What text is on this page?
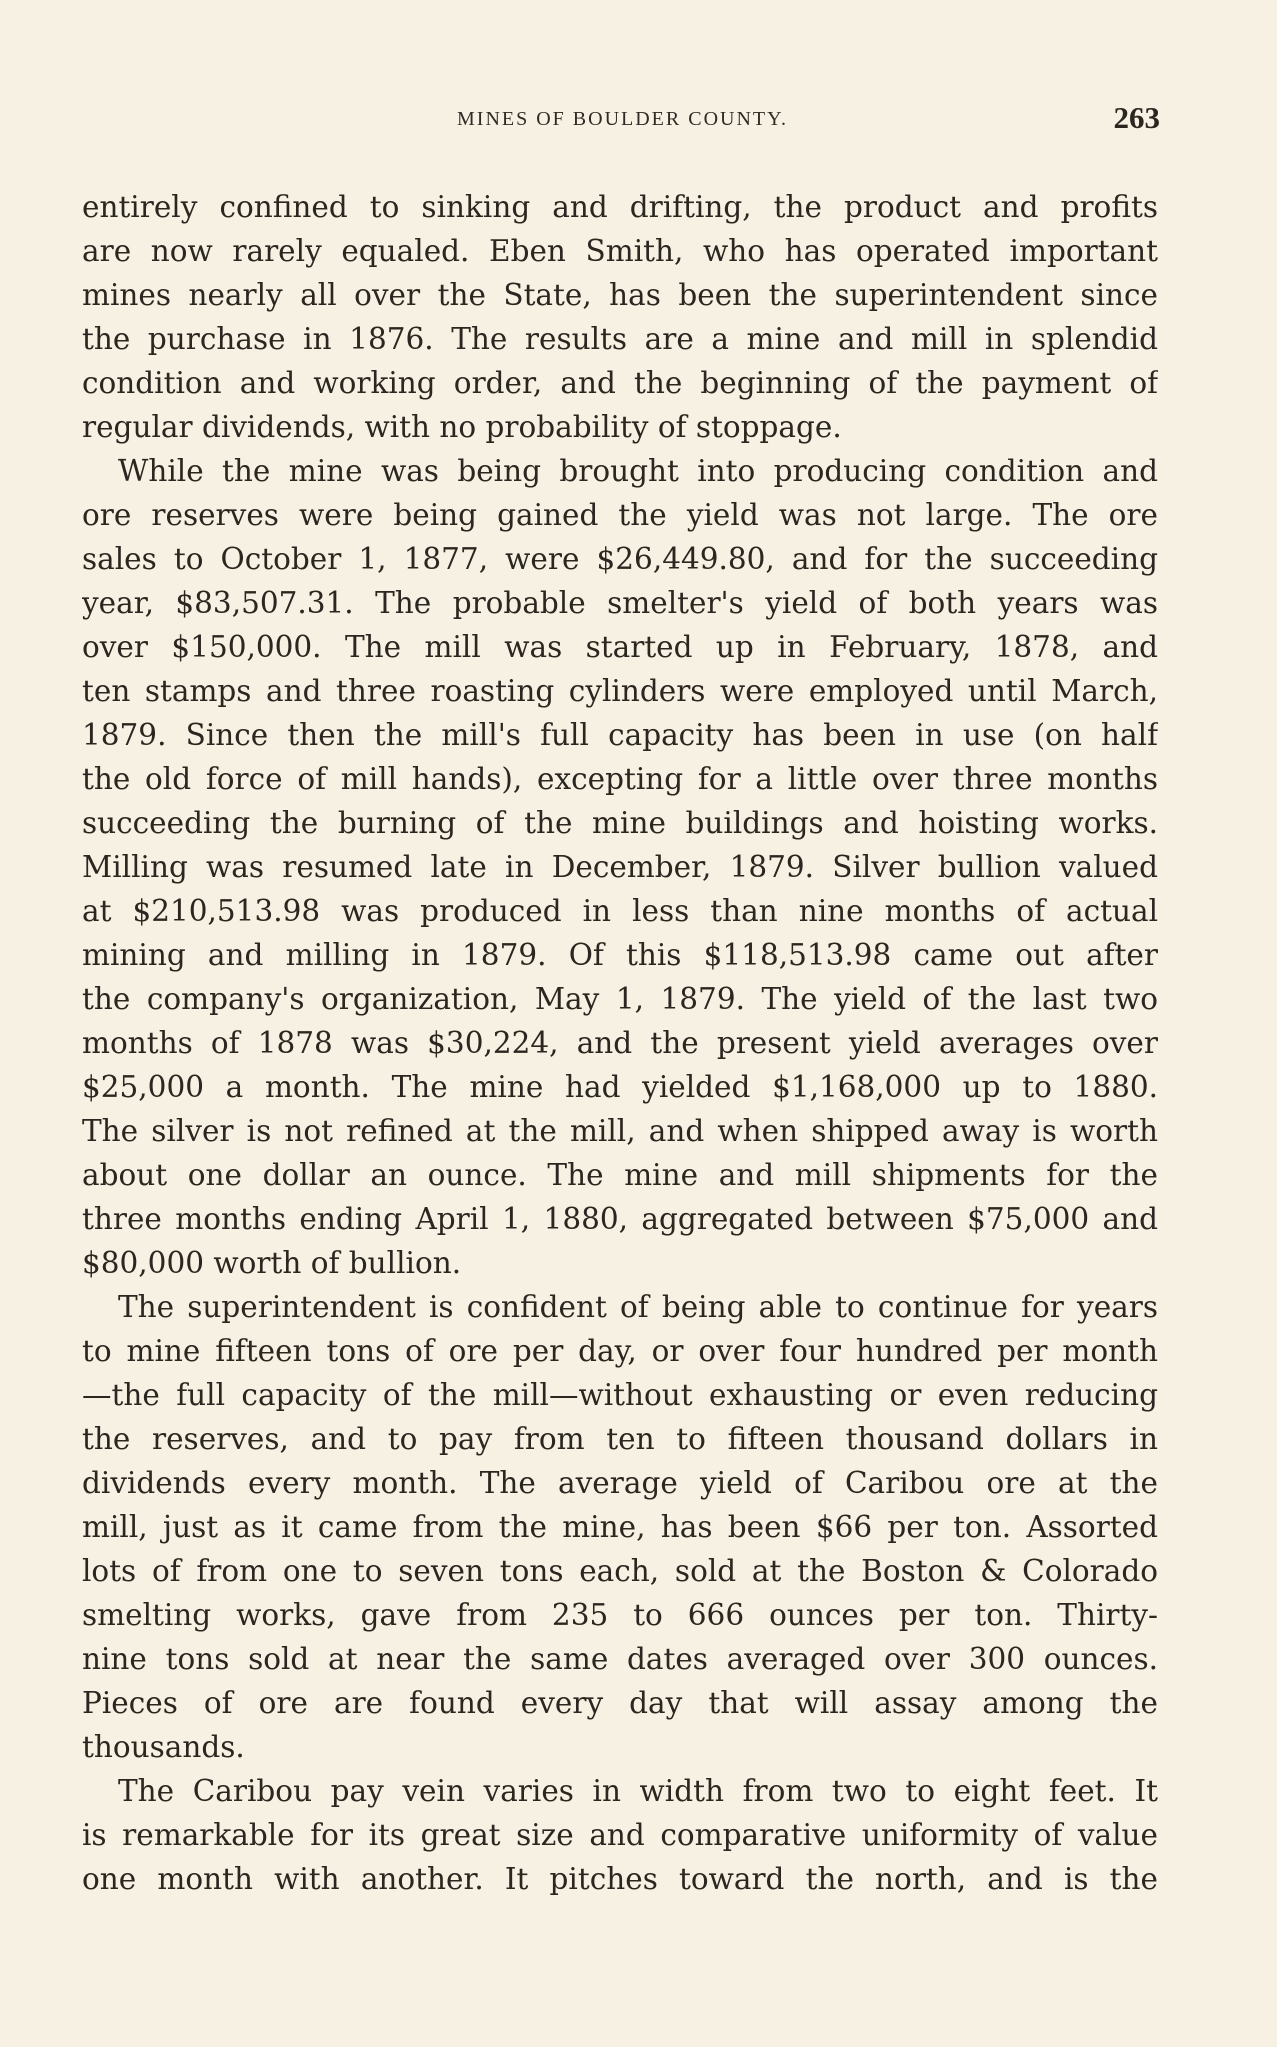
MINES OF BOULDER COUNTY.	263
entirely confined to sinking and drifting, the product and profits
are now rarely equaled. Eben Smith, who has operated important
mines nearly all over the State, has been the superintendent since
the purchase in 1876. The results are a mine and mill in splendid
condition and working order, and the beginning of the payment of
regular dividends, with no probability of stoppage.
While the mine was being brought into producing condition and
ore reserves were being gained the yield was not large. The ore
sales to October 1, 1877, were $26,449.80, and for the succeeding
year, $83,507.31. The probable smelter's yield of both years was
over $150,000. The mill was started up in February, 1878, and
ten stamps and three roasting cylinders were employed until March,
1879. Since then the mill's full capacity has been in use (on half
the old force of mill hands), excepting for a little over three months
succeeding the burning of the mine buildings and hoisting works.
Milling was resumed late in December, 1879. Silver bullion valued
at $210,513.98 was produced in less than nine months of actual
mining and milling in 1879. Of this $118,513.98 came out after
the company's organization, May 1, 1879. The yield of the last two
months of 1878 was $30,224, and the present yield averages over
$25,000 a month. The mine had yielded $1,168,000 up to 1880.
The silver is not refined at the mill, and when shipped away is worth
about one dollar an ounce. The mine and mill shipments for the
three months ending April 1, 1880, aggregated between $75,000 and
$80,000 worth of bullion.
The superintendent is confident of being able to continue for years
to mine fifteen tons of ore per day, or over four hundred per month
—the full capacity of the mill—without exhausting or even reducing
the reserves, and to pay from ten to fifteen thousand dollars in
dividends every month. The average yield of Caribou ore at the
mill, just as it came from the mine, has been $66 per ton. Assorted
lots of from one to seven tons each, sold at the Boston & Colorado
smelting works, gave from 235 to 666 ounces per ton. Thirty-
nine tons sold at near the same dates averaged over 300 ounces.
Pieces of ore are found every day that will assay among the
thousands.
The Caribou pay vein varies in width from two to eight feet. It
is remarkable for its great size and comparative uniformity of value
one month with another. It pitches toward the north, and is the
